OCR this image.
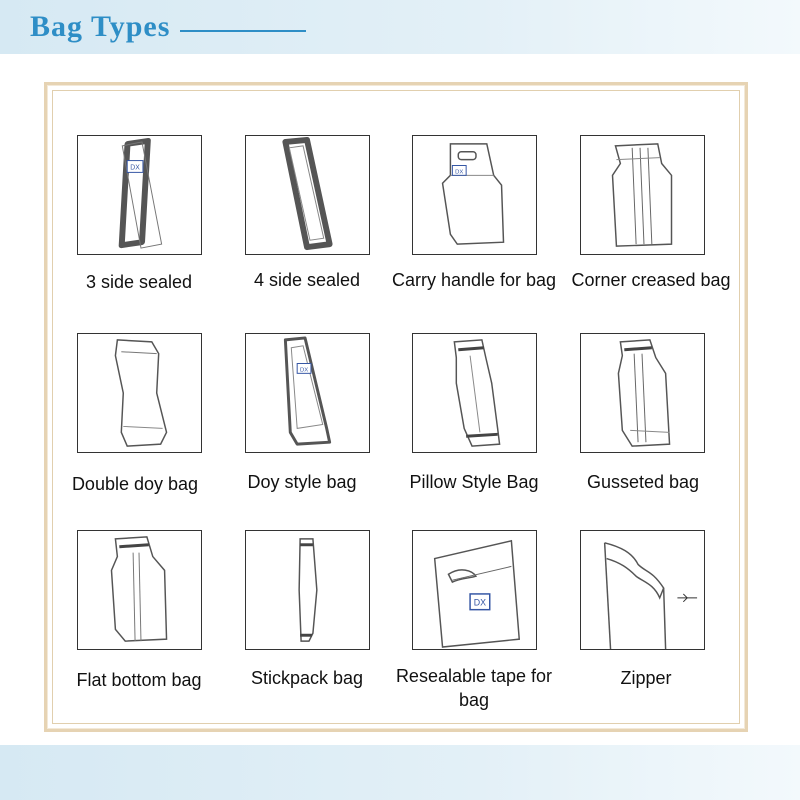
Bag Types
DX
3 side sealed	4 side sealed
DX
Carry handle for bag Corner creased bag
Double doy bag
DX
Doy style bag	Pillow Style Bag	Gusseted bag
Flat bottom bag	Stickpack bag
DX
Resealable tape for bag
Zipper
